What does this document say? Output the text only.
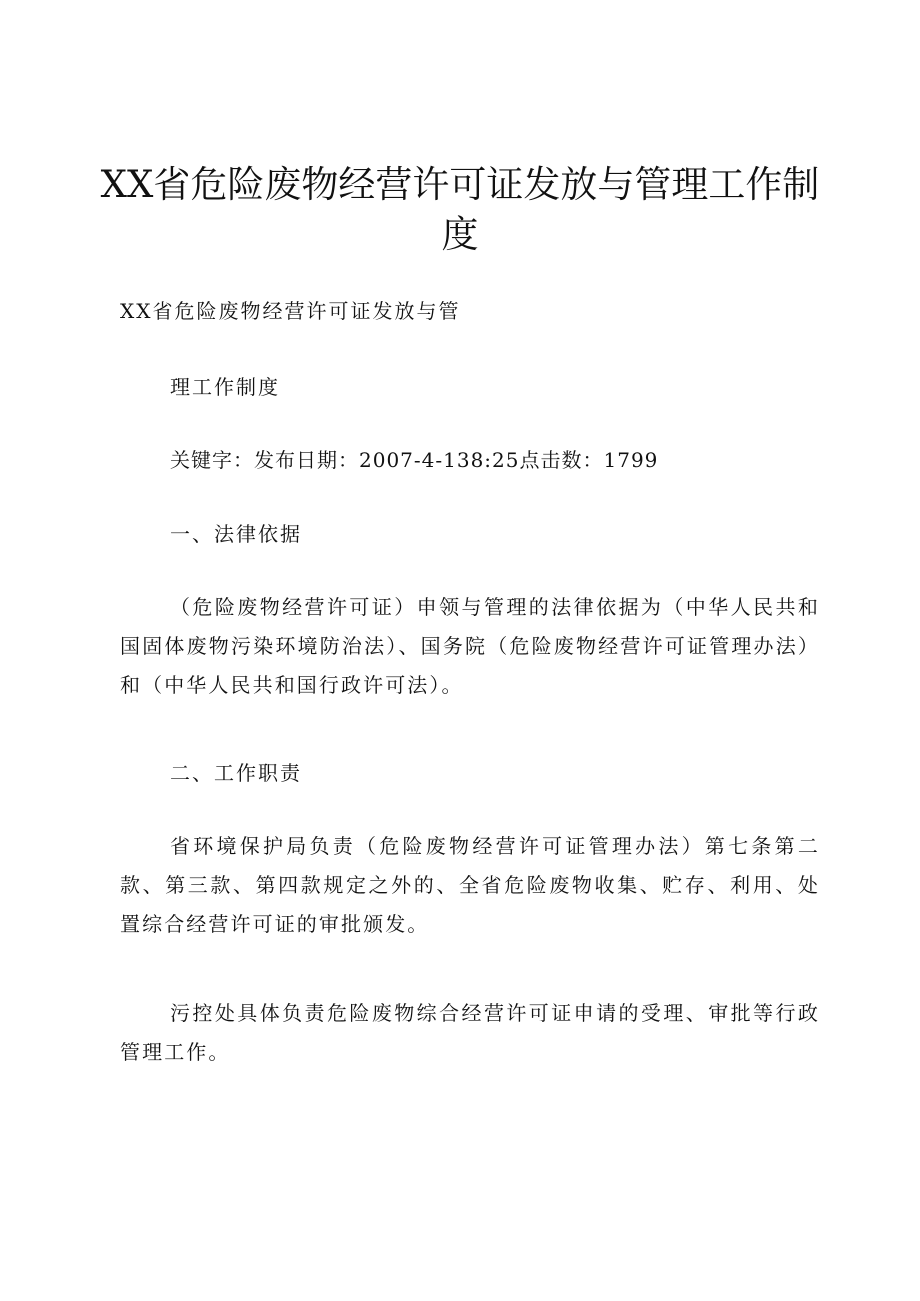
XX省危险废物经营许可证发放与管理工作制度

XX省危险废物经营许可证发放与管

理工作制度

关键字：发布日期：2007-4-138:25点击数：1799

一、法律依据

（危险废物经营许可证）申领与管理的法律依据为（中华人民共和国固体废物污染环境防治法）、国务院（危险废物经营许可证管理办法）和（中华人民共和国行政许可法）。

二、工作职责

省环境保护局负责（危险废物经营许可证管理办法）第七条第二款、第三款、第四款规定之外的、全省危险废物收集、贮存、利用、处置综合经营许可证的审批颁发。

污控处具体负责危险废物综合经营许可证申请的受理、审批等行政管理工作。
